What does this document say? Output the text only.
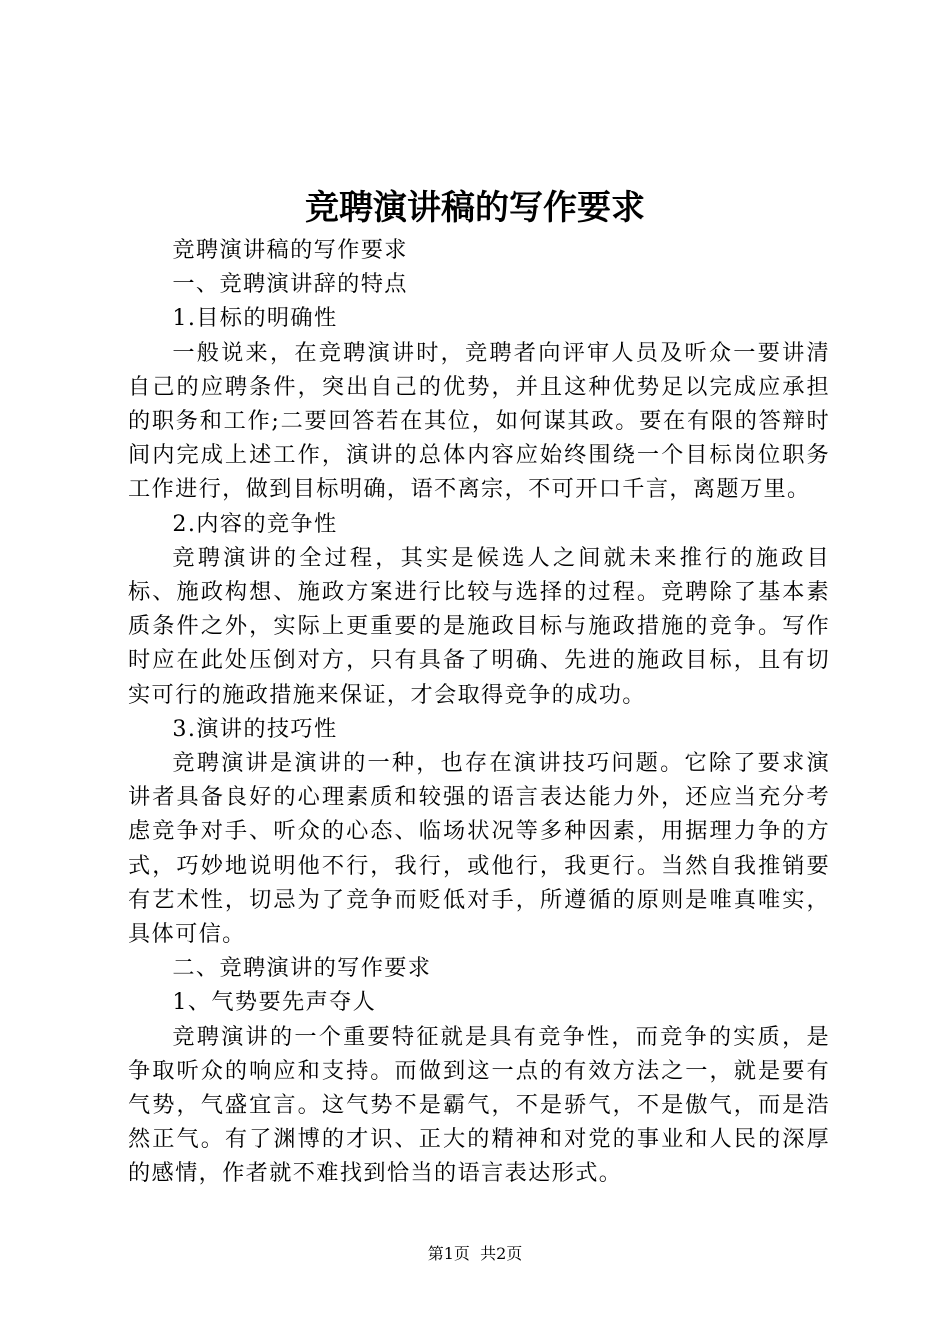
竞聘演讲稿的写作要求

竞聘演讲稿的写作要求

一、竞聘演讲辞的特点

1.目标的明确性

一般说来，在竞聘演讲时，竞聘者向评审人员及听众一要讲清自己的应聘条件，突出自己的优势，并且这种优势足以完成应承担的职务和工作;二要回答若在其位，如何谋其政。要在有限的答辩时间内完成上述工作，演讲的总体内容应始终围绕一个目标岗位职务工作进行，做到目标明确，语不离宗，不可开口千言，离题万里。

2.内容的竞争性

竞聘演讲的全过程，其实是候选人之间就未来推行的施政目标、施政构想、施政方案进行比较与选择的过程。竞聘除了基本素质条件之外，实际上更重要的是施政目标与施政措施的竞争。写作时应在此处压倒对方，只有具备了明确、先进的施政目标，且有切实可行的施政措施来保证，才会取得竞争的成功。

3.演讲的技巧性

竞聘演讲是演讲的一种，也存在演讲技巧问题。它除了要求演讲者具备良好的心理素质和较强的语言表达能力外，还应当充分考虑竞争对手、听众的心态、临场状况等多种因素，用据理力争的方式，巧妙地说明他不行，我行，或他行，我更行。当然自我推销要有艺术性，切忌为了竞争而贬低对手，所遵循的原则是唯真唯实，具体可信。

二、竞聘演讲的写作要求

1、气势要先声夺人

竞聘演讲的一个重要特征就是具有竞争性，而竞争的实质，是争取听众的响应和支持。而做到这一点的有效方法之一，就是要有气势，气盛宜言。这气势不是霸气，不是骄气，不是傲气，而是浩然正气。有了渊博的才识、正大的精神和对党的事业和人民的深厚的感情，作者就不难找到恰当的语言表达形式。

第1页 共2页
